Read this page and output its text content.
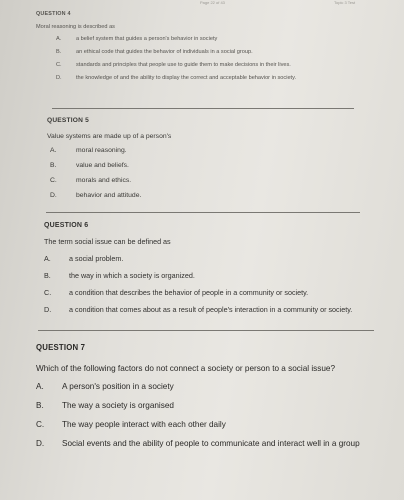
Page 22 of 43	Topic 3 Test
QUESTION 4
Moral reasoning is described as
A.	a belief system that guides a person's behavior in society
B.	an ethical code that guides the behavior of individuals in a social group.
C.	standards and principles that people use to guide them to make decisions in their lives.
D.	the knowledge of and the ability to display the correct and acceptable behavior in society.
QUESTION 5
Value systems are made up of a person's
A.	moral reasoning.
B.	value and beliefs.
C.	morals and ethics.
D.	behavior and attitude.
QUESTION 6
The term social issue can be defined as
A.	a social problem.
B.	the way in which a society is organized.
C.	a condition that describes the behavior of people in a community or society.
D.	a condition that comes about as a result of people's interaction in a community or society.
QUESTION 7
Which of the following factors do not connect a society or person to a social issue?
A.	A person's position in a society
B.	The way a society is organised
C.	The way people interact with each other daily
D.	Social events and the ability of people to communicate and interact well in a group
